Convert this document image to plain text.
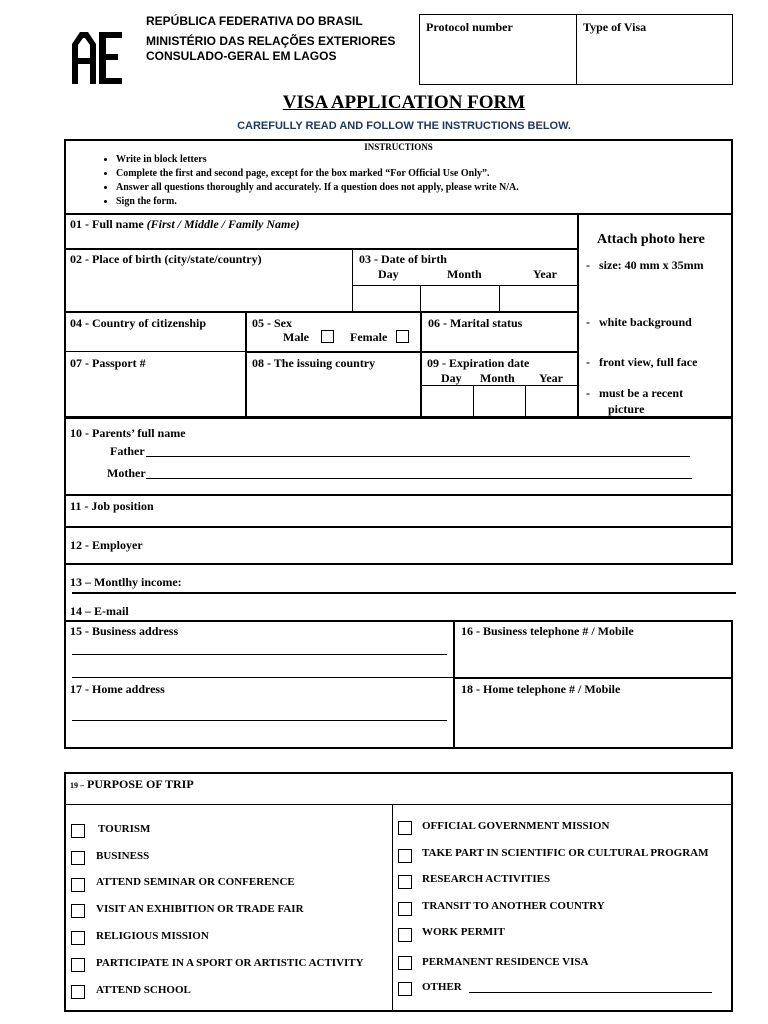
REPÚBLICA FEDERATIVA DO BRASIL
MINISTÉRIO DAS RELAÇÕES EXTERIORES
CONSULADO-GERAL EM LAGOS
Protocol number	Type of Visa
VISA APPLICATION FORM
CAREFULLY READ AND FOLLOW THE INSTRUCTIONS BELOW.
INSTRUCTIONS
• Write in block letters
• Complete the first and second page, except for the box marked “For Official Use Only”.
• Answer all questions thoroughly and accurately. If a question does not apply, please write N/A.
• Sign the form.
01 - Full name (First / Middle / Family Name)
02 - Place of birth (city/state/country)	03 - Date of birth
Day	Month	Year
04 - Country of citizenship	05 - Sex
Male	Female
06 - Marital status
07 - Passport #	08 - The issuing country	09 - Expiration date
Day Month Year
Attach photo here
-   size: 40 mm x 35mm
-   white background
-   front view, full face
-   must be a recent
picture
10 - Parents’ full name
Father
Mother
11 - Job position
12 - Employer
13 – Montlhy income:
14 – E-mail
15 - Business address	16 - Business telephone # / Mobile
17 - Home address	18 - Home telephone # / Mobile
19 – PURPOSE OF TRIP
TOURISM
BUSINESS
ATTEND SEMINAR OR CONFERENCE
VISIT AN EXHIBITION OR TRADE FAIR
RELIGIOUS MISSION
PARTICIPATE IN A SPORT OR ARTISTIC ACTIVITY
ATTEND SCHOOL
OFFICIAL GOVERNMENT MISSION
TAKE PART IN SCIENTIFIC OR CULTURAL PROGRAM
RESEARCH ACTIVITIES
TRANSIT TO ANOTHER COUNTRY
WORK PERMIT
PERMANENT RESIDENCE VISA
OTHER
